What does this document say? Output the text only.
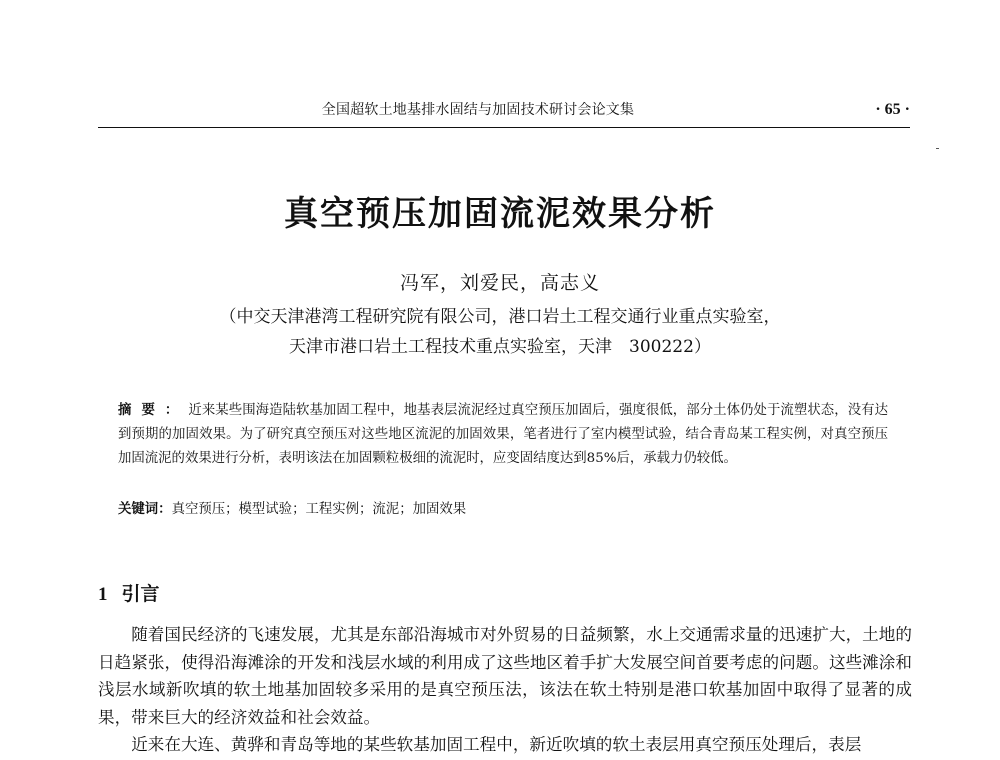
全国超软土地基排水固结与加固技术研讨会论文集	· 65 ·
真空预压加固流泥效果分析
冯军，刘爱民，高志义
（中交天津港湾工程研究院有限公司，港口岩土工程交通行业重点实验室，
天津市港口岩土工程技术重点实验室，天津　300222）
摘要：近来某些围海造陆软基加固工程中，地基表层流泥经过真空预压加固后，强度很低，部分土体仍处于流塑状态，没有达到预期的加固效果。为了研究真空预压对这些地区流泥的加固效果，笔者进行了室内模型试验，结合青岛某工程实例，对真空预压加固流泥的效果进行分析，表明该法在加固颗粒极细的流泥时，应变固结度达到85%后，承载力仍较低。
关键词：真空预压；模型试验；工程实例；流泥；加固效果
1 引言

随着国民经济的飞速发展，尤其是东部沿海城市对外贸易的日益频繁，水上交通需求量的迅速扩大，土地的日趋紧张，使得沿海滩涂的开发和浅层水域的利用成了这些地区着手扩大发展空间首要考虑的问题。这些滩涂和浅层水域新吹填的软土地基加固较多采用的是真空预压法，该法在软土特别是港口软基加固中取得了显著的成果，带来巨大的经济效益和社会效益。

近来在大连、黄骅和青岛等地的某些软基加固工程中，新近吹填的软土表层用真空预压处理后，表层
